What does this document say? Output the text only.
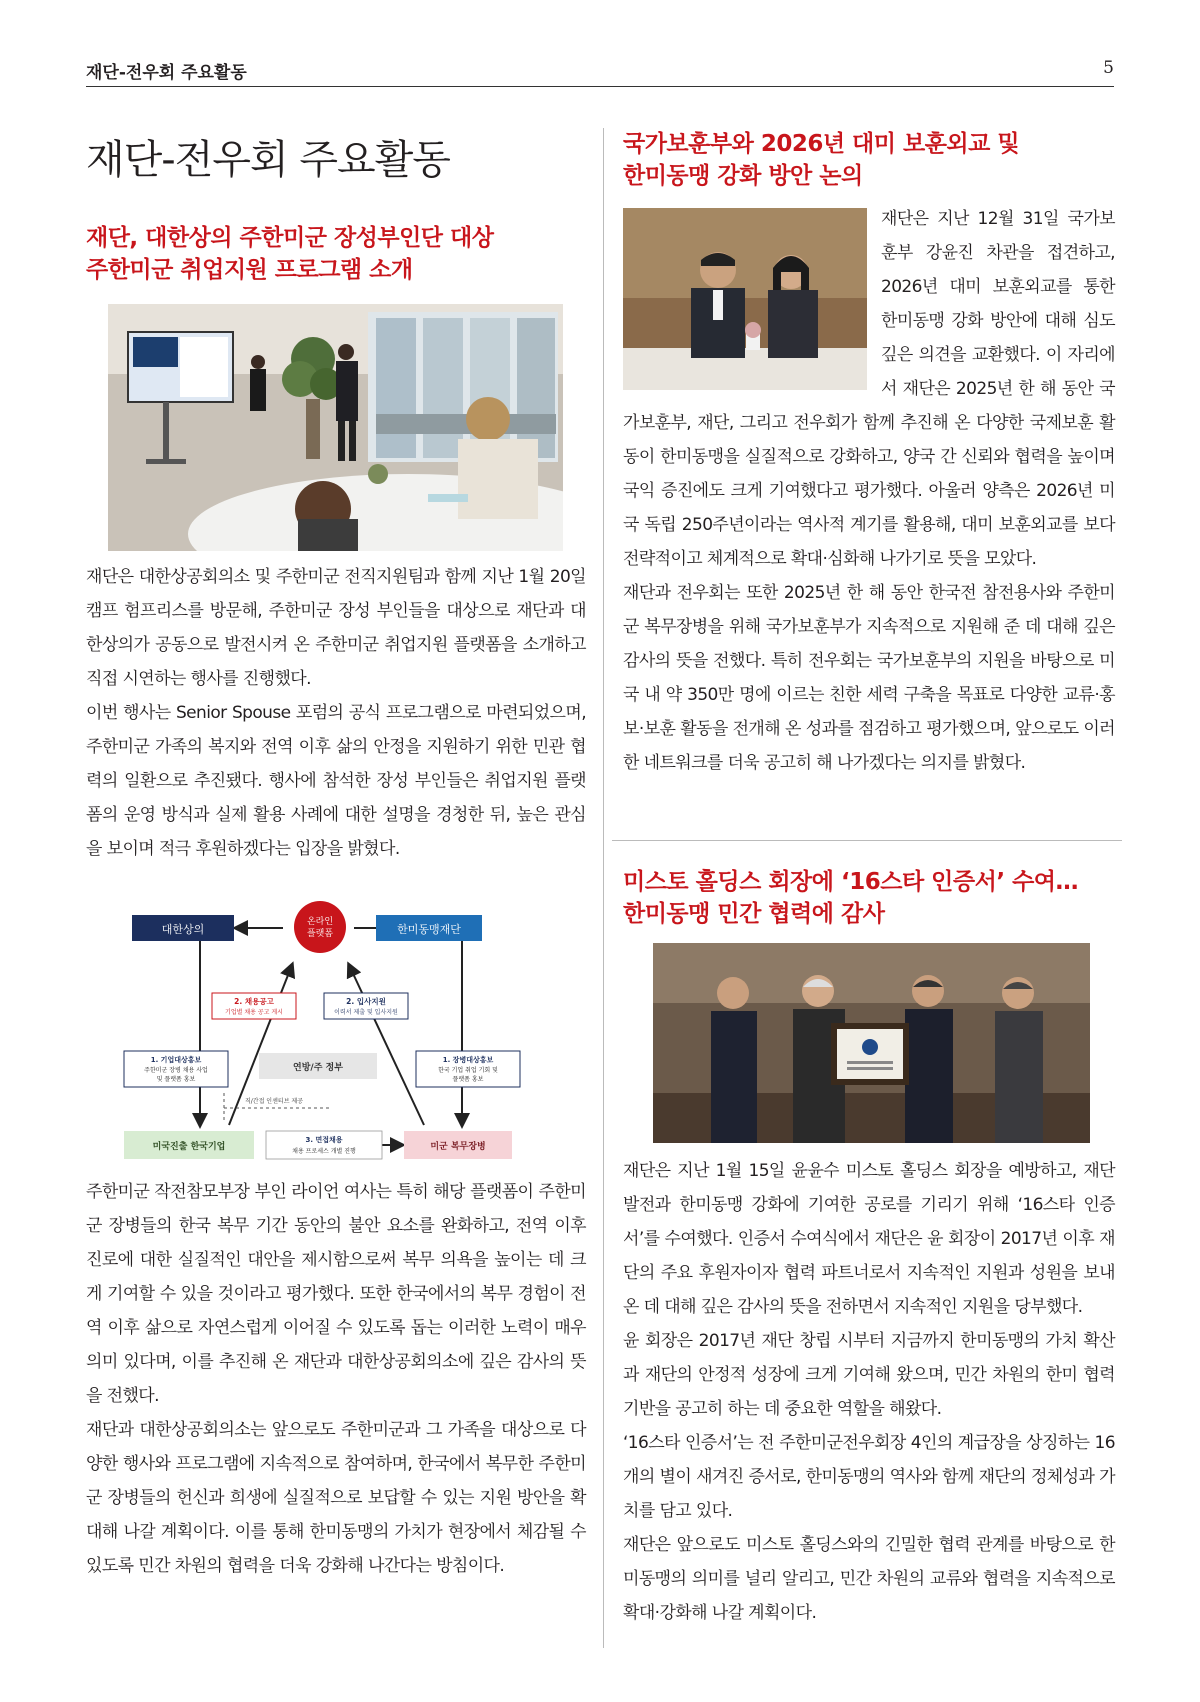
재단-전우회 주요활동	5
재단-전우회 주요활동
재단, 대한상의 주한미군 장성부인단 대상
주한미군 취업지원 프로그램 소개

재단은 대한상공회의소 및 주한미군 전직지원팀과 함께 지난 1월 20일 캠프 험프리스를 방문해, 주한미군 장성 부인들을 대상으로 재단과 대한상의가 공동으로 발전시켜 온 주한미군 취업지원 플랫폼을 소개하고 직접 시연하는 행사를 진행했다.

이번 행사는 Senior Spouse 포럼의 공식 프로그램으로 마련되었으며, 주한미군 가족의 복지와 전역 이후 삶의 안정을 지원하기 위한 민관 협력의 일환으로 추진됐다. 행사에 참석한 장성 부인들은 취업지원 플랫폼의 운영 방식과 실제 활용 사례에 대한 설명을 경청한 뒤, 높은 관심을 보이며 적극 후원하겠다는 입장을 밝혔다.

대한상의	한미동맹재단
온라인
플랫폼
2. 채용공고
기업별 채용 공고 게시
2. 입사지원
이력서 제출 및 입사지원
1. 기업대상홍보
주한미군 장병 채용 사업
및 플랫폼 홍보
연방/주 정부
1. 장병대상홍보
한국 기업 취업 기회 및
플랫폼 홍보
직/간접 인센티브 제공
미국진출 한국기업	미군 복무장병
3. 면접채용
채용 프로세스 개별 진행

주한미군 작전참모부장 부인 라이언 여사는 특히 해당 플랫폼이 주한미군 장병들의 한국 복무 기간 동안의 불안 요소를 완화하고, 전역 이후 진로에 대한 실질적인 대안을 제시함으로써 복무 의욕을 높이는 데 크게 기여할 수 있을 것이라고 평가했다. 또한 한국에서의 복무 경험이 전역 이후 삶으로 자연스럽게 이어질 수 있도록 돕는 이러한 노력이 매우 의미 있다며, 이를 추진해 온 재단과 대한상공회의소에 깊은 감사의 뜻을 전했다.

재단과 대한상공회의소는 앞으로도 주한미군과 그 가족을 대상으로 다양한 행사와 프로그램에 지속적으로 참여하며, 한국에서 복무한 주한미군 장병들의 헌신과 희생에 실질적으로 보답할 수 있는 지원 방안을 확대해 나갈 계획이다. 이를 통해 한미동맹의 가치가 현장에서 체감될 수 있도록 민간 차원의 협력을 더욱 강화해 나간다는 방침이다.

국가보훈부와 2026년 대미 보훈외교 및
한미동맹 강화 방안 논의

재단은 지난 12월 31일 국가보훈부 강윤진 차관을 접견하고, 2026년 대미 보훈외교를 통한 한미동맹 강화 방안에 대해 심도 깊은 의견을 교환했다. 이 자리에서 재단은 2025년 한 해 동안 국가보훈부, 재단, 그리고 전우회가 함께 추진해 온 다양한 국제보훈 활동이 한미동맹을 실질적으로 강화하고, 양국 간 신뢰와 협력을 높이며 국익 증진에도 크게 기여했다고 평가했다. 아울러 양측은 2026년 미국 독립 250주년이라는 역사적 계기를 활용해, 대미 보훈외교를 보다 전략적이고 체계적으로 확대·심화해 나가기로 뜻을 모았다.

재단과 전우회는 또한 2025년 한 해 동안 한국전 참전용사와 주한미군 복무장병을 위해 국가보훈부가 지속적으로 지원해 준 데 대해 깊은 감사의 뜻을 전했다. 특히 전우회는 국가보훈부의 지원을 바탕으로 미국 내 약 350만 명에 이르는 친한 세력 구축을 목표로 다양한 교류·홍보·보훈 활동을 전개해 온 성과를 점검하고 평가했으며, 앞으로도 이러한 네트워크를 더욱 공고히 해 나가겠다는 의지를 밝혔다.

미스토 홀딩스 회장에 ‘16스타 인증서’ 수여…
한미동맹 민간 협력에 감사

재단은 지난 1월 15일 윤윤수 미스토 홀딩스 회장을 예방하고, 재단 발전과 한미동맹 강화에 기여한 공로를 기리기 위해 ‘16스타 인증서’를 수여했다. 인증서 수여식에서 재단은 윤 회장이 2017년 이후 재단의 주요 후원자이자 협력 파트너로서 지속적인 지원과 성원을 보내온 데 대해 깊은 감사의 뜻을 전하면서 지속적인 지원을 당부했다.

윤 회장은 2017년 재단 창립 시부터 지금까지 한미동맹의 가치 확산과 재단의 안정적 성장에 크게 기여해 왔으며, 민간 차원의 한미 협력 기반을 공고히 하는 데 중요한 역할을 해왔다.

‘16스타 인증서’는 전 주한미군전우회장 4인의 계급장을 상징하는 16개의 별이 새겨진 증서로, 한미동맹의 역사와 함께 재단의 정체성과 가치를 담고 있다.

재단은 앞으로도 미스토 홀딩스와의 긴밀한 협력 관계를 바탕으로 한미동맹의 의미를 널리 알리고, 민간 차원의 교류와 협력을 지속적으로 확대·강화해 나갈 계획이다.
